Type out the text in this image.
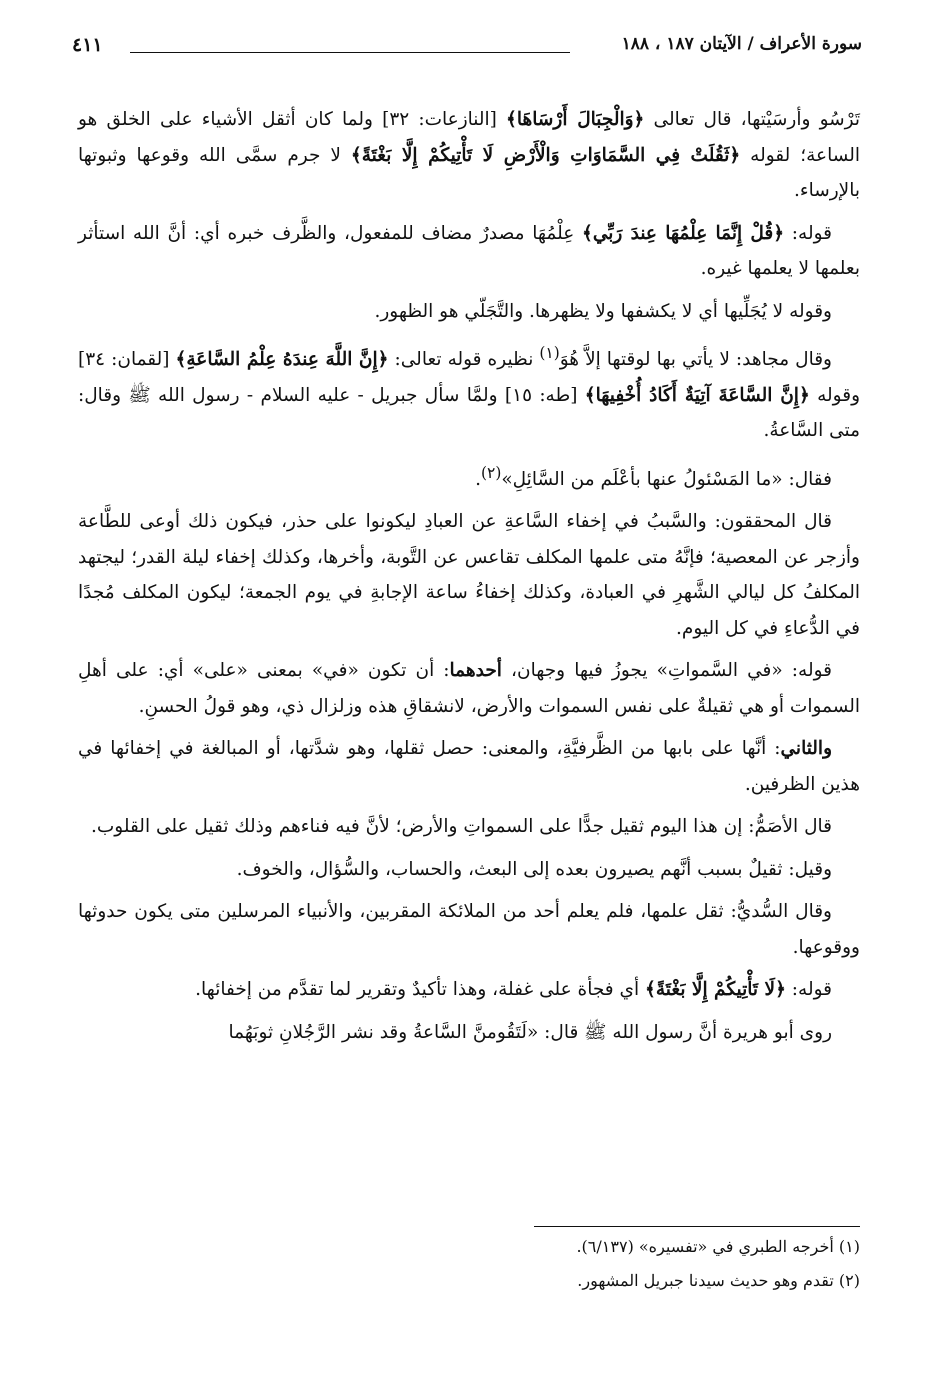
سورة الأعراف / الآيتان ١٨٧ ، ١٨٨
٤١١

تَرْسُو وأرسَيْتها، قال تعالى ﴿وَالْجِبَالَ أَرْسَاهَا﴾ [النازعات: ٣٢] ولما كان أثقل الأشياء على الخلق هو الساعة؛ لقوله ﴿ثَقُلَتْ فِي السَّمَاوَاتِ وَالْأَرْضِ لَا تَأْتِيكُمْ إِلَّا بَغْتَةً﴾ لا جرم سمَّى الله وقوعها وثبوتها بالإرساء.

قوله: ﴿قُلْ إِنَّمَا عِلْمُهَا عِندَ رَبِّي﴾ عِلْمُهَا مصدرٌ مضاف للمفعول، والظَّرف خبره أي: أنَّ الله استأثر بعلمها لا يعلمها غيره.

وقوله لا يُجَلِّيها أي لا يكشفها ولا يظهرها. والتَّجَلّي هو الظهور.

وقال مجاهد: لا يأتي بها لوقتها إلاَّ هُوَ$^{(١)}$ نظيره قوله تعالى: ﴿إِنَّ اللَّهَ عِندَهُ عِلْمُ السَّاعَةِ﴾ [لقمان: ٣٤] وقوله ﴿إِنَّ السَّاعَةَ آتِيَةٌ أَكَادُ أُخْفِيهَا﴾ [طه: ١٥] ولمَّا سأل جبريل - عليه السلام - رسول الله ﷺ وقال: متى السَّاعةُ.

فقال: «ما المَسْئولُ عنها بأعْلَم من السَّائِلِ»$^{(٢)}$.

قال المحققون: والسَّببُ في إخفاء السَّاعةِ عن العبادِ ليكونوا على حذر، فيكون ذلك أوعى للطَّاعة وأزجر عن المعصية؛ فإنَّهُ متى علمها المكلف تقاعس عن التَّوبة، وأخرها، وكذلك إخفاء ليلة القدر؛ ليجتهد المكلفُ كل ليالي الشَّهرِ في العبادة، وكذلك إخفاءُ ساعة الإجابةِ في يوم الجمعة؛ ليكون المكلف مُجدًا في الدُّعاءِ في كل اليوم.

قوله: «في السَّمواتِ» يجوزُ فيها وجهان، أحدهما: أن تكون «في» بمعنى «على» أي: على أهلِ السموات أو هي ثقيلةٌ على نفس السموات والأرض، لانشقاقِ هذه وزلزال ذي، وهو قولُ الحسنِ.

والثاني: أنَّها على بابها من الظَّرفيَّةِ، والمعنى: حصل ثقلها، وهو شدَّتها، أو المبالغة في إخفائها في هذين الظرفين.

قال الأصَمُّ: إن هذا اليوم ثقيل جدًّا على السمواتِ والأرض؛ لأنَّ فيه فناءهم وذلك ثقيل على القلوب.

وقيل: ثقيلٌ بسبب أنَّهم يصيرون بعده إلى البعث، والحساب، والسُّؤال، والخوف.

وقال السُّديُّ: ثقل علمها، فلم يعلم أحد من الملائكة المقربين، والأنبياء المرسلين متى يكون حدوثها ووقوعها.

قوله: ﴿لَا تَأْتِيكُمْ إِلَّا بَغْتَةً﴾ أي فجأة على غفلة، وهذا تأكيدٌ وتقرير لما تقدَّم من إخفائها.

روى أبو هريرة أنَّ رسول الله ﷺ قال: «لَتَقُومنَّ السَّاعةُ وقد نشر الرَّجُلانِ ثوبَهُما

(١) أخرجه الطبري في «تفسيره» (٦/١٣٧).
(٢) تقدم وهو حديث سيدنا جبريل المشهور.
